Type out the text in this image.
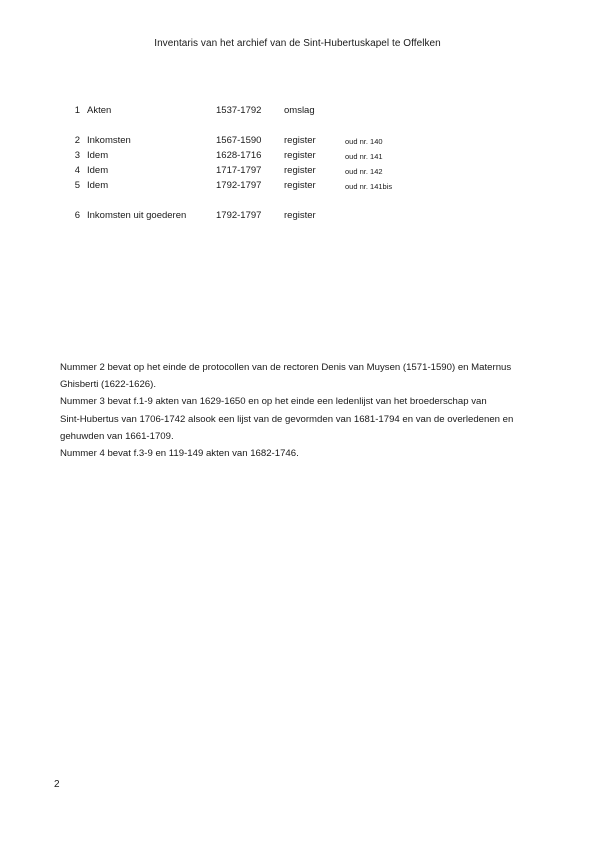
Inventaris van het archief van de Sint-Hubertuskapel te Offelken
1 Akten	1537-1792 omslag
2 Inkomsten	1567-1590 register	oud nr. 140
3 Idem	1628-1716 register	oud nr. 141
4 Idem	1717-1797 register	oud nr. 142
5 Idem	1792-1797 register	oud nr. 141bis
6 Inkomsten uit goederen	1792-1797 register

Nummer 2 bevat op het einde de protocollen van de rectoren Denis van Muysen (1571-1590) en Maternus

Ghisberti (1622-1626).

Nummer 3 bevat f.1-9 akten van 1629-1650 en op het einde een ledenlijst van het broederschap van

Sint-Hubertus van 1706-1742 alsook een lijst van de gevormden van 1681-1794 en van de overledenen en

gehuwden van 1661-1709.

Nummer 4 bevat f.3-9 en 119-149 akten van 1682-1746.

2
